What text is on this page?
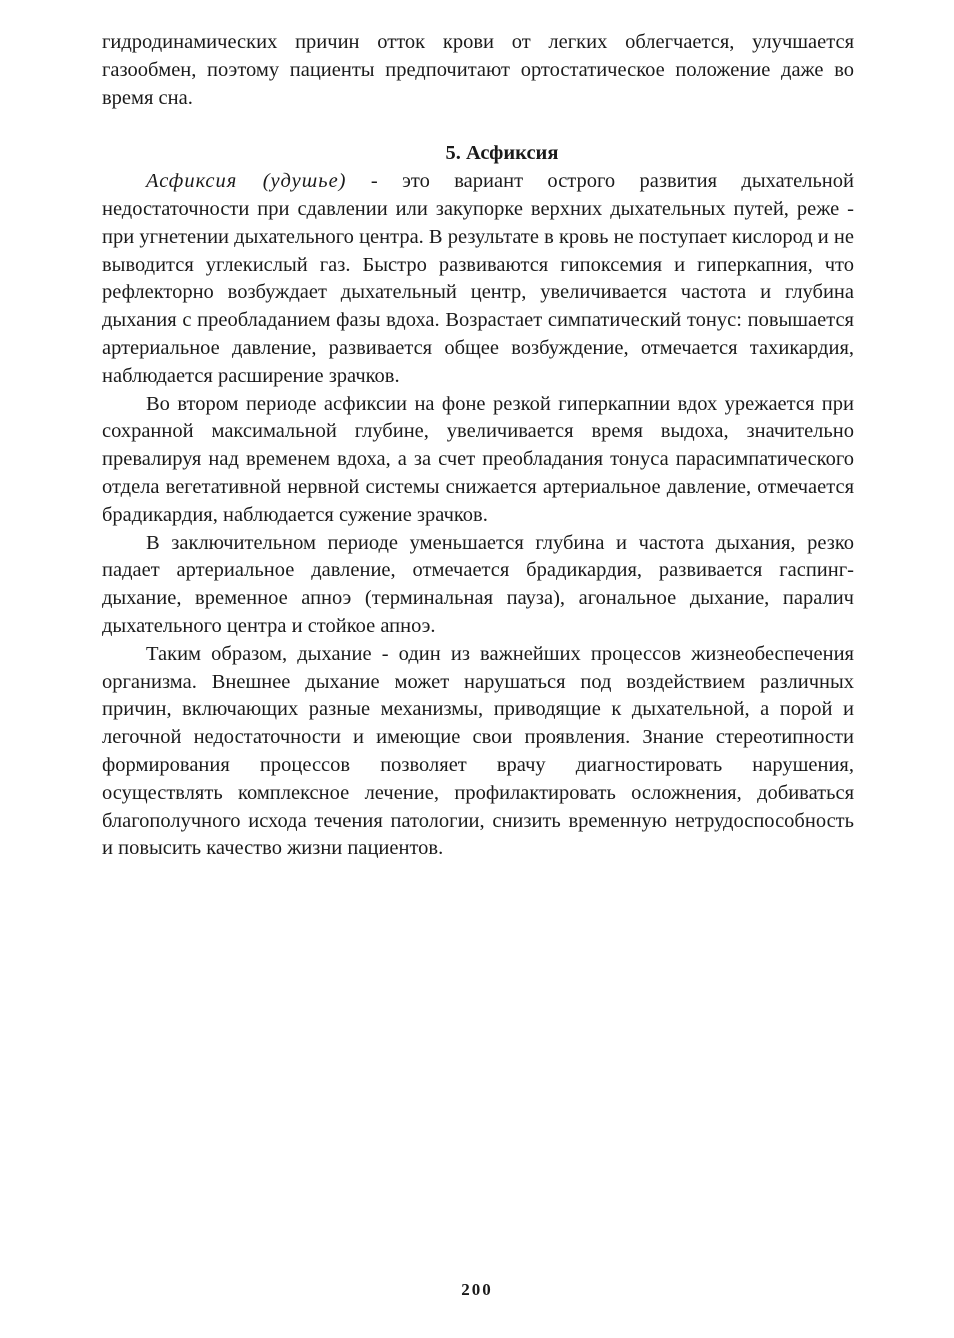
гидродинамических причин отток крови от легких облегчается, улучшается газообмен, поэтому пациенты предпочитают ортостатическое положение даже во время сна.

5. Асфиксия

Асфиксия (удушье) - это вариант острого развития дыхательной недостаточности при сдавлении или закупорке верхних дыхательных путей, реже - при угнетении дыхательного центра. В результате в кровь не поступает кислород и не выводится углекислый газ. Быстро развиваются гипоксемия и гиперкапния, что рефлекторно возбуждает дыхательный центр, увеличивается частота и глубина дыхания с преобладанием фазы вдоха. Возрастает симпатический тонус: повышается артериальное давление, развивается общее возбуждение, отмечается тахикардия, наблюдается расширение зрачков.

Во втором периоде асфиксии на фоне резкой гиперкапнии вдох урежается при сохранной максимальной глубине, увеличивается время выдоха, значительно превалируя над временем вдоха, а за счет преобладания тонуса парасимпатического отдела вегетативной нервной системы снижается артериальное давление, отмечается брадикардия, наблюдается сужение зрачков.

В заключительном периоде уменьшается глубина и частота дыхания, резко падает артериальное давление, отмечается брадикардия, развивается гаспинг-дыхание, временное апноэ (терминальная пауза), агональное дыхание, паралич дыхательного центра и стойкое апноэ.

Таким образом, дыхание - один из важнейших процессов жизнеобеспечения организма. Внешнее дыхание может нарушаться под воздействием различных причин, включающих разные механизмы, приводящие к дыхательной, а порой и легочной недостаточности и имеющие свои проявления. Знание стереотипности формирования процессов позволяет врачу диагностировать нарушения, осуществлять комплексное лечение, профилактировать осложнения, добиваться благополучного исхода течения патологии, снизить временную нетрудоспособность и повысить качество жизни пациентов.

200
